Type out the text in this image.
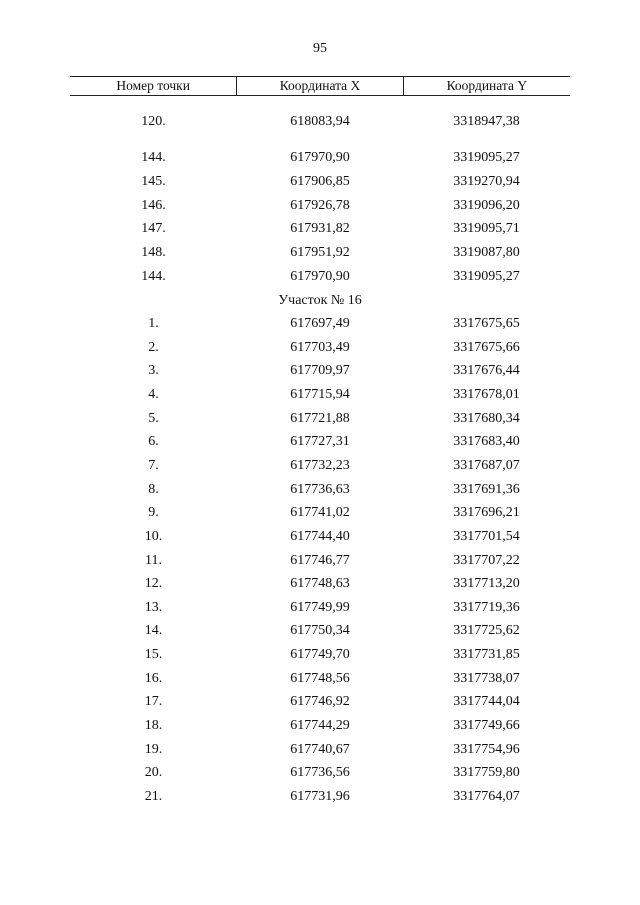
95
Номер точки	Координата X	Координата Y
120.	618083,94	3318947,38
144.	617970,90	3319095,27
145.	617906,85	3319270,94
146.	617926,78	3319096,20
147.	617931,82	3319095,71
148.	617951,92	3319087,80
144.	617970,90	3319095,27
Участок № 16
1.	617697,49	3317675,65
2.	617703,49	3317675,66
3.	617709,97	3317676,44
4.	617715,94	3317678,01
5.	617721,88	3317680,34
6.	617727,31	3317683,40
7.	617732,23	3317687,07
8.	617736,63	3317691,36
9.	617741,02	3317696,21
10.	617744,40	3317701,54
11.	617746,77	3317707,22
12.	617748,63	3317713,20
13.	617749,99	3317719,36
14.	617750,34	3317725,62
15.	617749,70	3317731,85
16.	617748,56	3317738,07
17.	617746,92	3317744,04
18.	617744,29	3317749,66
19.	617740,67	3317754,96
20.	617736,56	3317759,80
21.	617731,96	3317764,07
